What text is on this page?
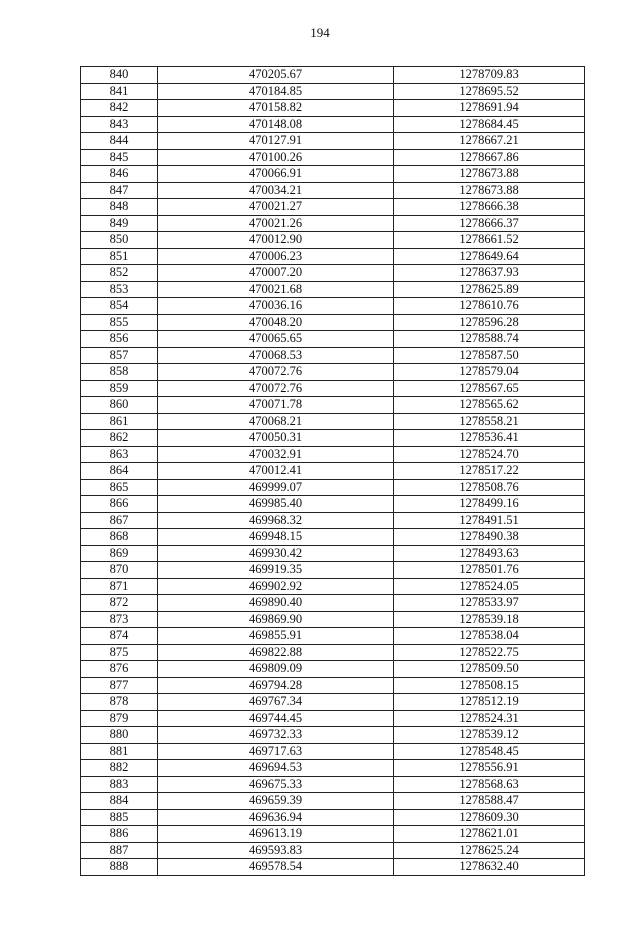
194
840	470205.67	1278709.83
841	470184.85	1278695.52
842	470158.82	1278691.94
843	470148.08	1278684.45
844	470127.91	1278667.21
845	470100.26	1278667.86
846	470066.91	1278673.88
847	470034.21	1278673.88
848	470021.27	1278666.38
849	470021.26	1278666.37
850	470012.90	1278661.52
851	470006.23	1278649.64
852	470007.20	1278637.93
853	470021.68	1278625.89
854	470036.16	1278610.76
855	470048.20	1278596.28
856	470065.65	1278588.74
857	470068.53	1278587.50
858	470072.76	1278579.04
859	470072.76	1278567.65
860	470071.78	1278565.62
861	470068.21	1278558.21
862	470050.31	1278536.41
863	470032.91	1278524.70
864	470012.41	1278517.22
865	469999.07	1278508.76
866	469985.40	1278499.16
867	469968.32	1278491.51
868	469948.15	1278490.38
869	469930.42	1278493.63
870	469919.35	1278501.76
871	469902.92	1278524.05
872	469890.40	1278533.97
873	469869.90	1278539.18
874	469855.91	1278538.04
875	469822.88	1278522.75
876	469809.09	1278509.50
877	469794.28	1278508.15
878	469767.34	1278512.19
879	469744.45	1278524.31
880	469732.33	1278539.12
881	469717.63	1278548.45
882	469694.53	1278556.91
883	469675.33	1278568.63
884	469659.39	1278588.47
885	469636.94	1278609.30
886	469613.19	1278621.01
887	469593.83	1278625.24
888	469578.54	1278632.40
